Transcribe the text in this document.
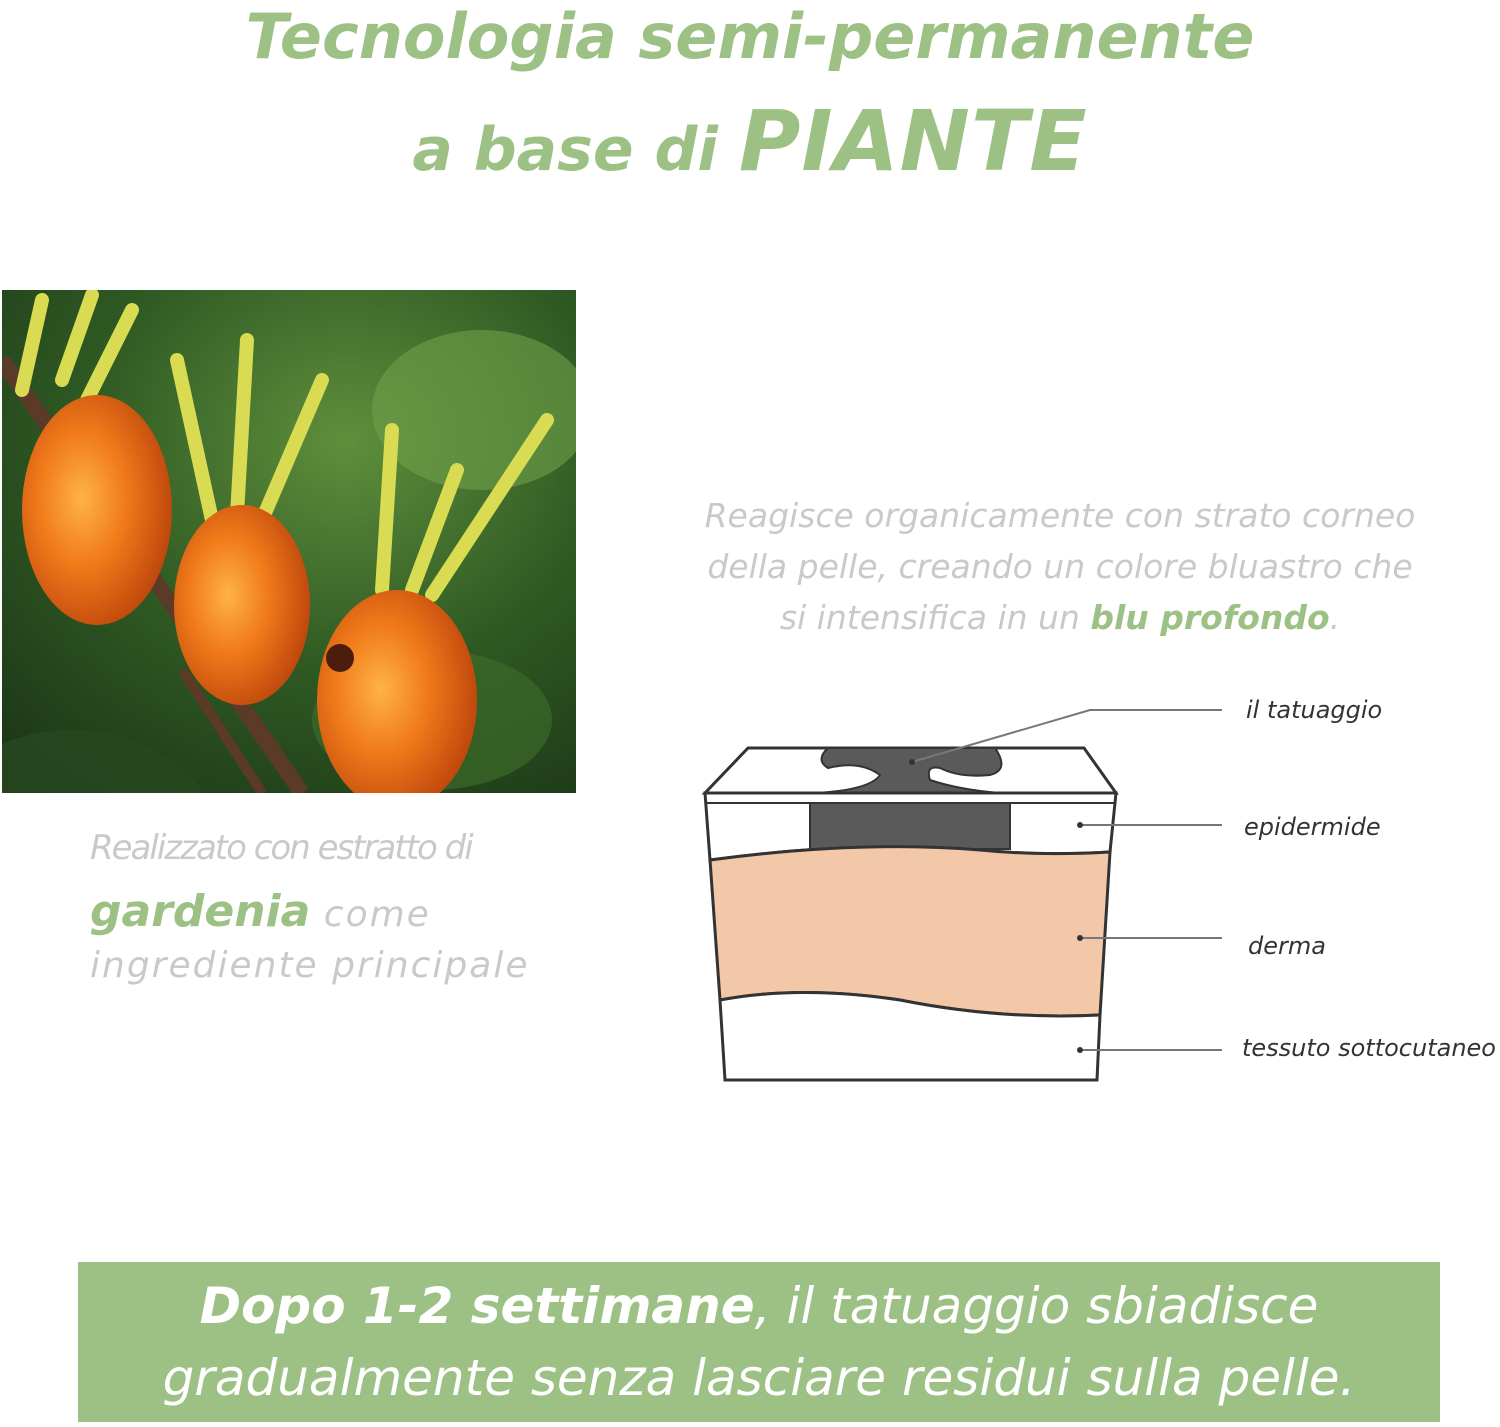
Tecnologia semi-permanente
a base di PIANTE
Realizzato con estratto di
gardenia come
ingrediente principale
Reagisce organicamente con strato corneo
della pelle, creando un colore bluastro che
si intensifica in un blu profondo.
il tatuaggio
epidermide
derma
tessuto sottocutaneo
Dopo 1-2 settimane, il tatuaggio sbiadisce
gradualmente senza lasciare residui sulla pelle.
